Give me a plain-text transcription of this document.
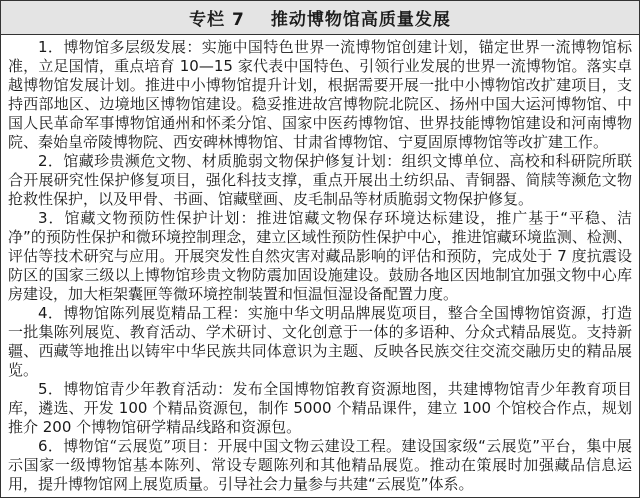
专栏 7 推动博物馆高质量发展

1．博物馆多层级发展：实施中国特色世界一流博物馆创建计划，锚定世界一流博物馆标准，立足国情，重点培育 10—15 家代表中国特色、引领行业发展的世界一流博物馆。落实卓越博物馆发展计划。推进中小博物馆提升计划，根据需要开展一批中小博物馆改扩建项目，支持西部地区、边境地区博物馆建设。稳妥推进故宫博物院北院区、扬州中国大运河博物馆、中国人民革命军事博物馆通州和怀柔分馆、国家中医药博物馆、世界技能博物馆建设和河南博物院、秦始皇帝陵博物院、西安碑林博物馆、甘肃省博物馆、宁夏固原博物馆等改扩建工作。

2．馆藏珍贵濒危文物、材质脆弱文物保护修复计划：组织文博单位、高校和科研院所联合开展研究性保护修复项目，强化科技支撑，重点开展出土纺织品、青铜器、简牍等濒危文物抢救性保护，以及甲骨、书画、馆藏壁画、皮毛制品等材质脆弱文物保护修复。

3．馆藏文物预防性保护计划：推进馆藏文物保存环境达标建设，推广基于“平稳、洁净”的预防性保护和微环境控制理念，建立区域性预防性保护中心，推进馆藏环境监测、检测、评估等技术研究与应用。开展突发性自然灾害对藏品影响的评估和预防，完成处于 7 度抗震设防区的国家三级以上博物馆珍贵文物防震加固设施建设。鼓励各地区因地制宜加强文物中心库房建设，加大柜架囊匣等微环境控制装置和恒温恒湿设备配置力度。

4．博物馆陈列展览精品工程：实施中华文明品牌展览项目，整合全国博物馆资源，打造一批集陈列展览、教育活动、学术研讨、文化创意于一体的多语种、分众式精品展览。支持新疆、西藏等地推出以铸牢中华民族共同体意识为主题、反映各民族交往交流交融历史的精品展览。

5．博物馆青少年教育活动：发布全国博物馆教育资源地图，共建博物馆青少年教育项目库，遴选、开发 100 个精品资源包，制作 5000 个精品课件，建立 100 个馆校合作点，规划推介 200 个博物馆研学精品线路和资源包。

6．博物馆“云展览”项目：开展中国文物云建设工程。建设国家级“云展览”平台，集中展示国家一级博物馆基本陈列、常设专题陈列和其他精品展览。推动在策展时加强藏品信息运用，提升博物馆网上展览质量。引导社会力量参与共建“云展览”体系。
